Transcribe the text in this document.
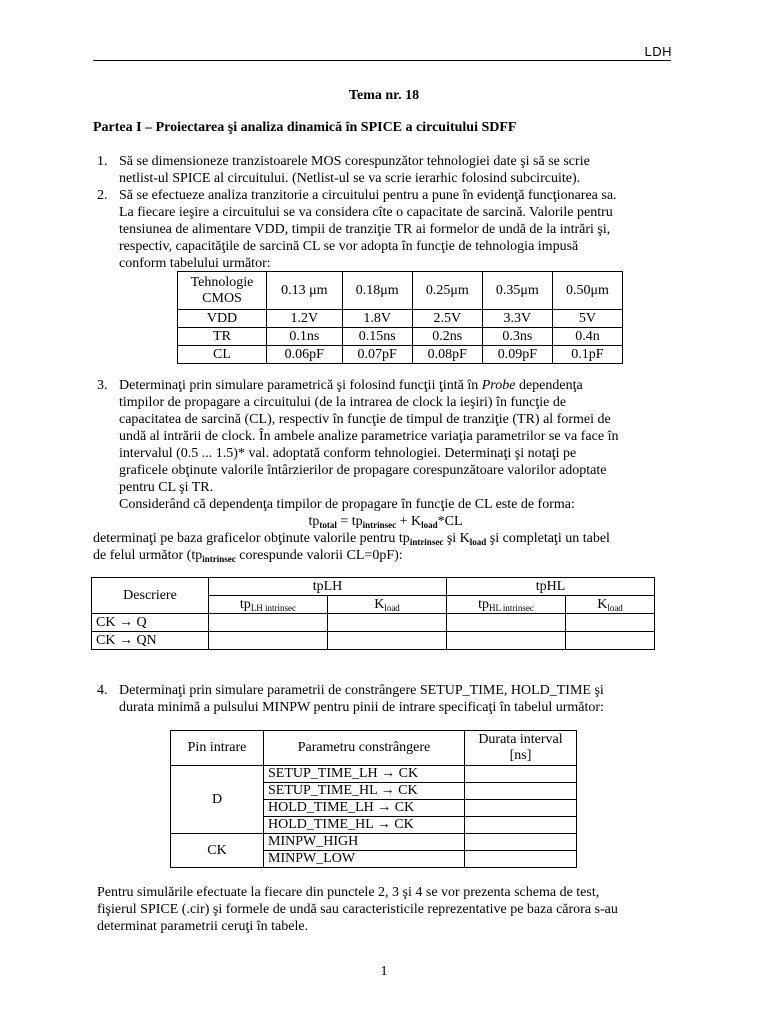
LDH
Tema nr. 18
Partea I – Proiectarea şi analiza dinamică în SPICE a circuitului SDFF
1. Să se dimensioneze tranzistoarele MOS corespunzător tehnologiei date şi să se scrie

netlist-ul SPICE al circuitului. (Netlist-ul se va scrie ierarhic folosind subcircuite).

2. Să se efectueze analiza tranzitorie a circuitului pentru a pune în evidenţă funcţionarea sa.

La fiecare ieşire a circuitului se va considera cîte o capacitate de sarcină. Valorile pentru

tensiunea de alimentare VDD, timpii de tranziţie TR ai formelor de undă de la intrări şi,

respectiv, capacităţile de sarcină CL se vor adopta în funcţie de tehnologia impusă

conform tabelului următor:

Tehnologie
CMOS	0.13 μm	0.18μm	0.25μm	0.35μm	0.50μm
VDD	1.2V	1.8V	2.5V	3.3V	5V
TR	0.1ns	0.15ns	0.2ns	0.3ns	0.4n
CL	0.06pF	0.07pF	0.08pF	0.09pF	0.1pF
3. Determinaţi prin simulare parametrică şi folosind funcţii ţintă în Probe dependenţa

timpilor de propagare a circuitului (de la intrarea de clock la ieşiri) în funcţie de

capacitatea de sarcină (CL), respectiv în funcţie de timpul de tranziţie (TR) al formei de

undă al intrării de clock. În ambele analize parametrice variaţia parametrilor se va face în

intervalul (0.5 ... 1.5)* val. adoptată conform tehnologiei. Determinaţi şi notaţi pe

graficele obţinute valorile întârzierilor de propagare corespunzătoare valorilor adoptate

pentru CL şi TR.

Considerând că dependenţa timpilor de propagare în funcţie de CL este de forma:

$tp_{total} = tp_{intrinsec} + K_{load}*CL$

determinaţi pe baza graficelor obţinute valorile pentru $tp_{intrinsec}$ şi $K_{load}$ şi completaţi un tabel

de felul următor ($tp_{intrinsec}$ corespunde valorii CL=0pF):

Descriere	tpLH		tpHL	
	$tp_{LH intrinsec}$	$K_{load}$	$tp_{HL intrinsec}$	$K_{load}$
CK → Q				
CK → QN				
4. Determinaţi prin simulare parametrii de constrângere SETUP_TIME, HOLD_TIME şi

durata minimă a pulsului MINPW pentru pinii de intrare specificaţi în tabelul următor:

Pin intrare	Parametru constrângere	Durata interval
[ns]

D	SETUP_TIME_LH → CK	
	SETUP_TIME_HL → CK	
	HOLD_TIME_LH → CK	
	HOLD_TIME_HL → CK	
CK	MINPW_HIGH	
	MINPW_LOW	
Pentru simulările efectuate la fiecare din punctele 2, 3 şi 4 se vor prezenta schema de test,
fişierul SPICE (.cir) şi formele de undă sau caracteristicile reprezentative pe baza cărora s-au
determinat parametrii ceruţi în tabele.
1
